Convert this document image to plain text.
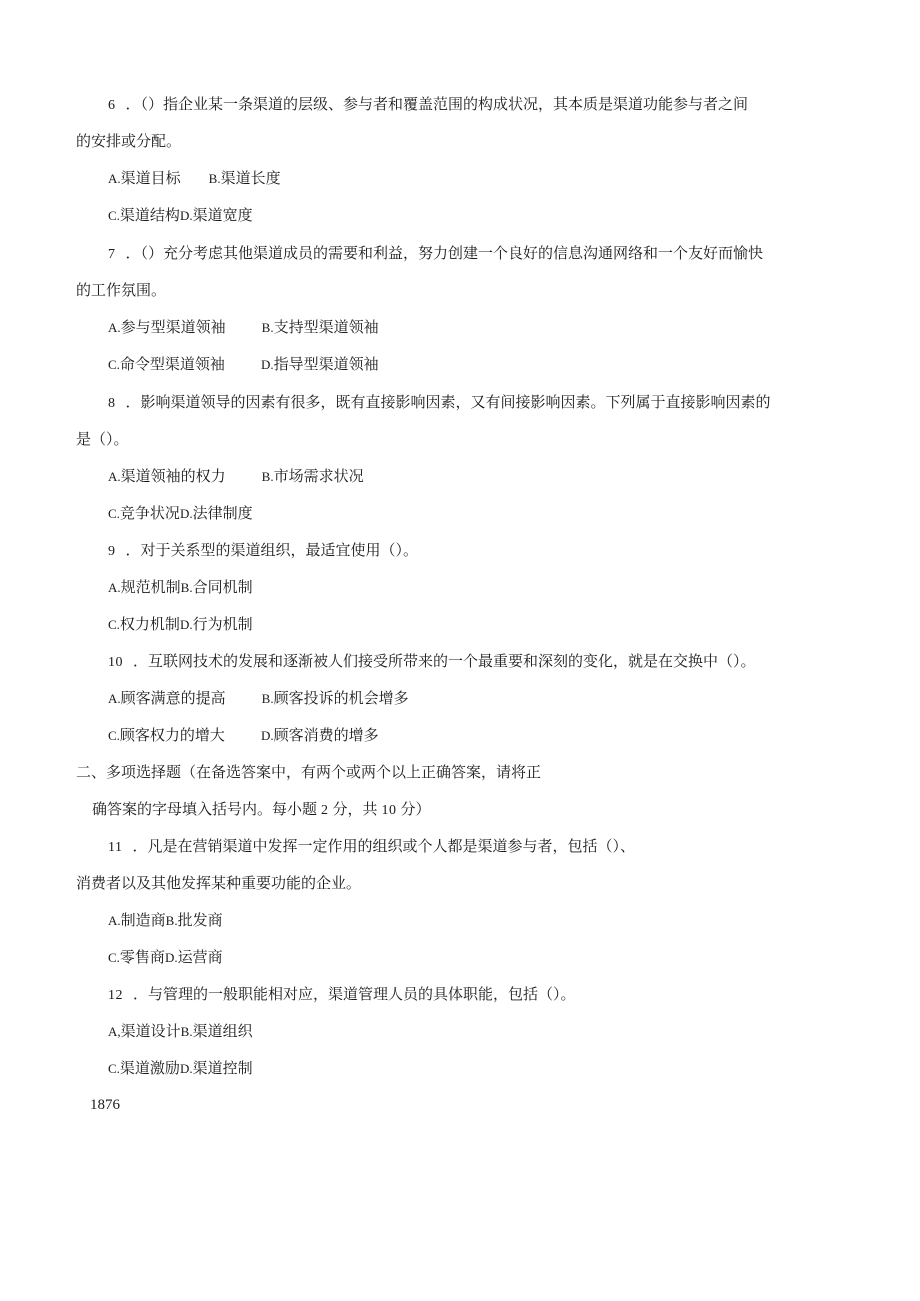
6 ．（）指企业某一条渠道的层级、参与者和覆盖范围的构成状况，其本质是渠道功能参与者之间
的安排或分配。
A.渠道目标 B.渠道长度
C.渠道结构D.渠道宽度
7 ．（）充分考虑其他渠道成员的需要和利益，努力创建一个良好的信息沟通网络和一个友好而愉快
的工作氛围。
A.参与型渠道领袖	B.支持型渠道领袖
C.命令型渠道领袖	D.指导型渠道领袖
8 ．影响渠道领导的因素有很多，既有直接影响因素，又有间接影响因素。下列属于直接影响因素的
是（）。
A.渠道领袖的权力	B.市场需求状况
C.竞争状况D.法律制度
9 ．对于关系型的渠道组织，最适宜使用（）。
A.规范机制B.合同机制
C.权力机制D.行为机制
10 ．互联网技术的发展和逐渐被人们接受所带来的一个最重要和深刻的变化，就是在交换中（）。
A.顾客满意的提高	B.顾客投诉的机会增多
C.顾客权力的增大	D.顾客消费的增多
二、多项选择题（在备选答案中，有两个或两个以上正确答案，请将正
确答案的字母填入括号内。每小题 2 分，共 10 分）
11 ．凡是在营销渠道中发挥一定作用的组织或个人都是渠道参与者，包括（）、
消费者以及其他发挥某种重要功能的企业。
A.制造商B.批发商
C.零售商D.运营商
12 ．与管理的一般职能相对应，渠道管理人员的具体职能，包括（）。
A,渠道设计B.渠道组织
C.渠道激励D.渠道控制
1876
